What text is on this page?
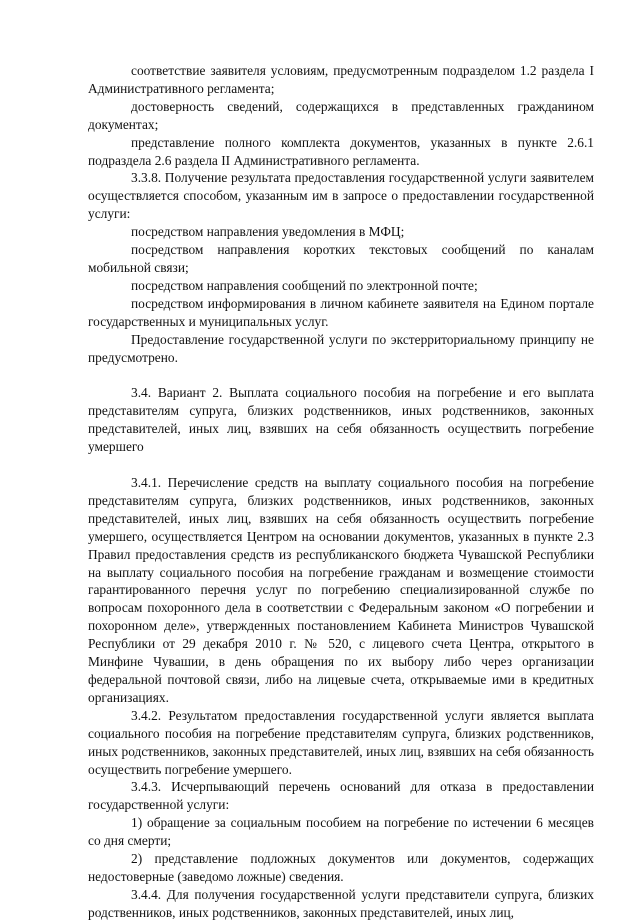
соответствие заявителя условиям, предусмотренным подразделом 1.2 раздела I Административного регламента;

достоверность сведений, содержащихся в представленных гражданином документах;

представление полного комплекта документов, указанных в пункте 2.6.1 подраздела 2.6 раздела II Административного регламента.

3.3.8. Получение результата предоставления государственной услуги заявителем осуществляется способом, указанным им в запросе о предоставлении государственной услуги:

посредством направления уведомления в МФЦ;

посредством направления коротких текстовых сообщений по каналам мобильной связи;

посредством направления сообщений по электронной почте;

посредством информирования в личном кабинете заявителя на Едином портале государственных и муниципальных услуг.

Предоставление государственной услуги по экстерриториальному принципу не предусмотрено.

3.4. Вариант 2. Выплата социального пособия на погребение и его выплата представителям супруга, близких родственников, иных родственников, законных представителей, иных лиц, взявших на себя обязанность осуществить погребение умершего

3.4.1. Перечисление средств на выплату социального пособия на погребение представителям супруга, близких родственников, иных родственников, законных представителей, иных лиц, взявших на себя обязанность осуществить погребение умершего, осуществляется Центром на основании документов, указанных в пункте 2.3 Правил предоставления средств из республиканского бюджета Чувашской Республики на выплату социального пособия на погребение гражданам и возмещение стоимости гарантированного перечня услуг по погребению специализированной службе по вопросам похоронного дела в соответствии с Федеральным законом «О погребении и похоронном деле», утвержденных постановлением Кабинета Министров Чувашской Республики от 29 декабря 2010 г. № 520, с лицевого счета Центра, открытого в Минфине Чувашии, в день обращения по их выбору либо через организации федеральной почтовой связи, либо на лицевые счета, открываемые ими в кредитных организациях.

3.4.2. Результатом предоставления государственной услуги является выплата социального пособия на погребение представителям супруга, близких родственников, иных родственников, законных представителей, иных лиц, взявших на себя обязанность осуществить погребение умершего.

3.4.3. Исчерпывающий перечень оснований для отказа в предоставлении государственной услуги:

1) обращение за социальным пособием на погребение по истечении 6 месяцев со дня смерти;

2) представление подложных документов или документов, содержащих недостоверные (заведомо ложные) сведения.

3.4.4. Для получения государственной услуги представители супруга, близких родственников, иных родственников, законных представителей, иных лиц,
